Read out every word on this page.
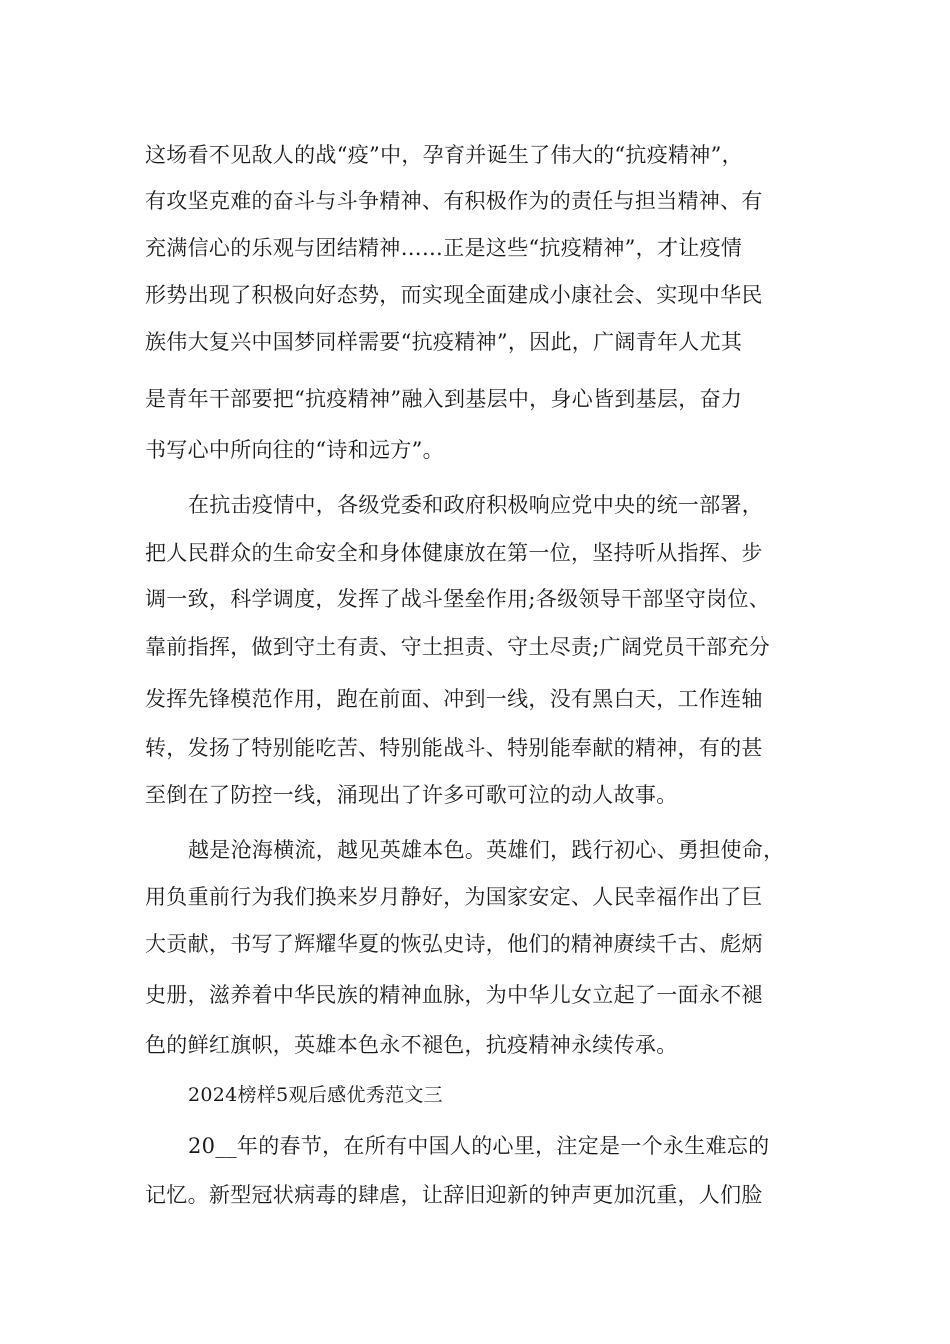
这场看不见敌人的战“疫”中，孕育并诞生了伟大的“抗疫精神”，
有攻坚克难的奋斗与斗争精神、有积极作为的责任与担当精神、有
充满信心的乐观与团结精神……正是这些“抗疫精神”，才让疫情
形势出现了积极向好态势，而实现全面建成小康社会、实现中华民
族伟大复兴中国梦同样需要“抗疫精神”，因此，广阔青年人尤其
是青年干部要把“抗疫精神”融入到基层中，身心皆到基层，奋力
书写心中所向往的“诗和远方”。
在抗击疫情中，各级党委和政府积极响应党中央的统一部署，
把人民群众的生命安全和身体健康放在第一位，坚持听从指挥、步
调一致，科学调度，发挥了战斗堡垒作用;各级领导干部坚守岗位、
靠前指挥，做到守土有责、守土担责、守土尽责;广阔党员干部充分
发挥先锋模范作用，跑在前面、冲到一线，没有黑白天，工作连轴
转，发扬了特别能吃苦、特别能战斗、特别能奉献的精神，有的甚
至倒在了防控一线，涌现出了许多可歌可泣的动人故事。
越是沧海横流，越见英雄本色。英雄们，践行初心、勇担使命，
用负重前行为我们换来岁月静好，为国家安定、人民幸福作出了巨
大贡献，书写了辉耀华夏的恢弘史诗，他们的精神赓续千古、彪炳
史册，滋养着中华民族的精神血脉，为中华儿女立起了一面永不褪
色的鲜红旗帜，英雄本色永不褪色，抗疫精神永续传承。
2024榜样5观后感优秀范文三
20__年的春节，在所有中国人的心里，注定是一个永生难忘的
记忆。新型冠状病毒的肆虐，让辞旧迎新的钟声更加沉重，人们脸
